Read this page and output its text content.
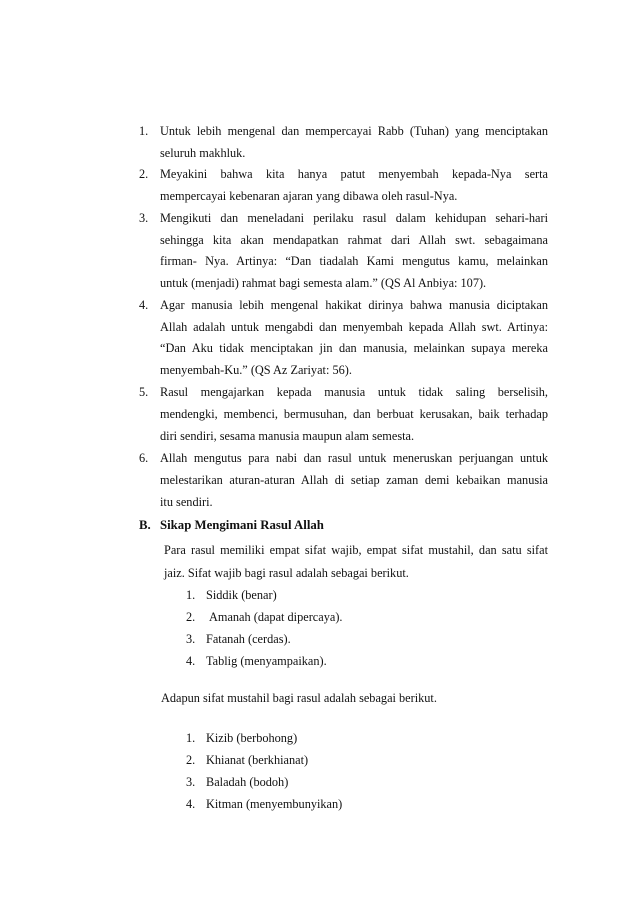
1. Untuk lebih mengenal dan mempercayai Rabb (Tuhan) yang menciptakan
seluruh makhluk.
2. Meyakini bahwa kita hanya patut menyembah kepada-Nya serta
mempercayai kebenaran ajaran yang dibawa oleh rasul-Nya.
3. Mengikuti dan meneladani perilaku rasul dalam kehidupan sehari-hari
sehingga kita akan mendapatkan rahmat dari Allah swt. sebagaimana
firman- Nya. Artinya: “Dan tiadalah Kami mengutus kamu, melainkan
untuk (menjadi) rahmat bagi semesta alam.” (QS Al Anbiya: 107).
4. Agar manusia lebih mengenal hakikat dirinya bahwa manusia diciptakan
Allah adalah untuk mengabdi dan menyembah kepada Allah swt. Artinya:
“Dan Aku tidak menciptakan jin dan manusia, melainkan supaya mereka
menyembah-Ku.” (QS Az Zariyat: 56).
5. Rasul mengajarkan kepada manusia untuk tidak saling berselisih,
mendengki, membenci, bermusuhan, dan berbuat kerusakan, baik terhadap
diri sendiri, sesama manusia maupun alam semesta.
6. Allah mengutus para nabi dan rasul untuk meneruskan perjuangan untuk
melestarikan aturan-aturan Allah di setiap zaman demi kebaikan manusia
itu sendiri.
B. Sikap Mengimani Rasul Allah
Para rasul memiliki empat sifat wajib, empat sifat mustahil, dan satu sifat
jaiz. Sifat wajib bagi rasul adalah sebagai berikut.
1. Siddik (benar)
2. Amanah (dapat dipercaya).
3. Fatanah (cerdas).
4. Tablig (menyampaikan).
Adapun sifat mustahil bagi rasul adalah sebagai berikut.
1. Kizib (berbohong)
2. Khianat (berkhianat)
3. Baladah (bodoh)
4. Kitman (menyembunyikan)
